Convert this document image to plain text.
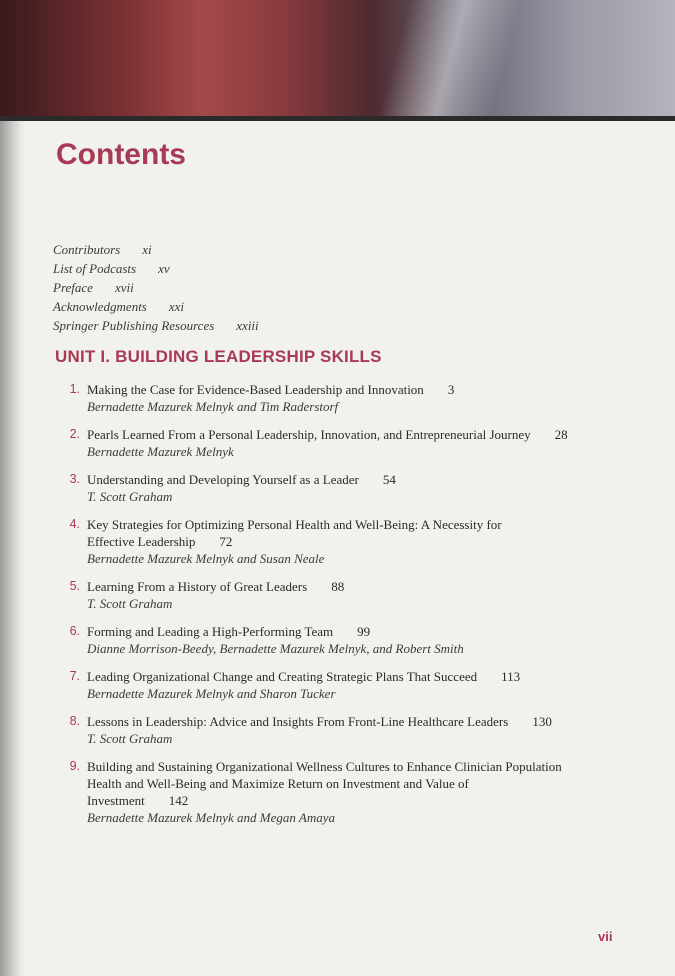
Contents
Contributors xi
List of Podcasts xv
Preface xvii
Acknowledgments xxi
Springer Publishing Resources xxiii
UNIT I. BUILDING LEADERSHIP SKILLS
1. Making the Case for Evidence-Based Leadership and Innovation 3
Bernadette Mazurek Melnyk and Tim Raderstorf
2. Pearls Learned From a Personal Leadership, Innovation, and Entrepreneurial Journey 28
Bernadette Mazurek Melnyk
3. Understanding and Developing Yourself as a Leader 54
T. Scott Graham
4. Key Strategies for Optimizing Personal Health and Well-Being: A Necessity for Effective Leadership 72
Bernadette Mazurek Melnyk and Susan Neale
5. Learning From a History of Great Leaders 88
T. Scott Graham
6. Forming and Leading a High-Performing Team 99
Dianne Morrison-Beedy, Bernadette Mazurek Melnyk, and Robert Smith
7. Leading Organizational Change and Creating Strategic Plans That Succeed 113
Bernadette Mazurek Melnyk and Sharon Tucker
8. Lessons in Leadership: Advice and Insights From Front-Line Healthcare Leaders 130
T. Scott Graham
9. Building and Sustaining Organizational Wellness Cultures to Enhance Clinician Population Health and Well-Being and Maximize Return on Investment and Value of Investment 142
Bernadette Mazurek Melnyk and Megan Amaya
vii
